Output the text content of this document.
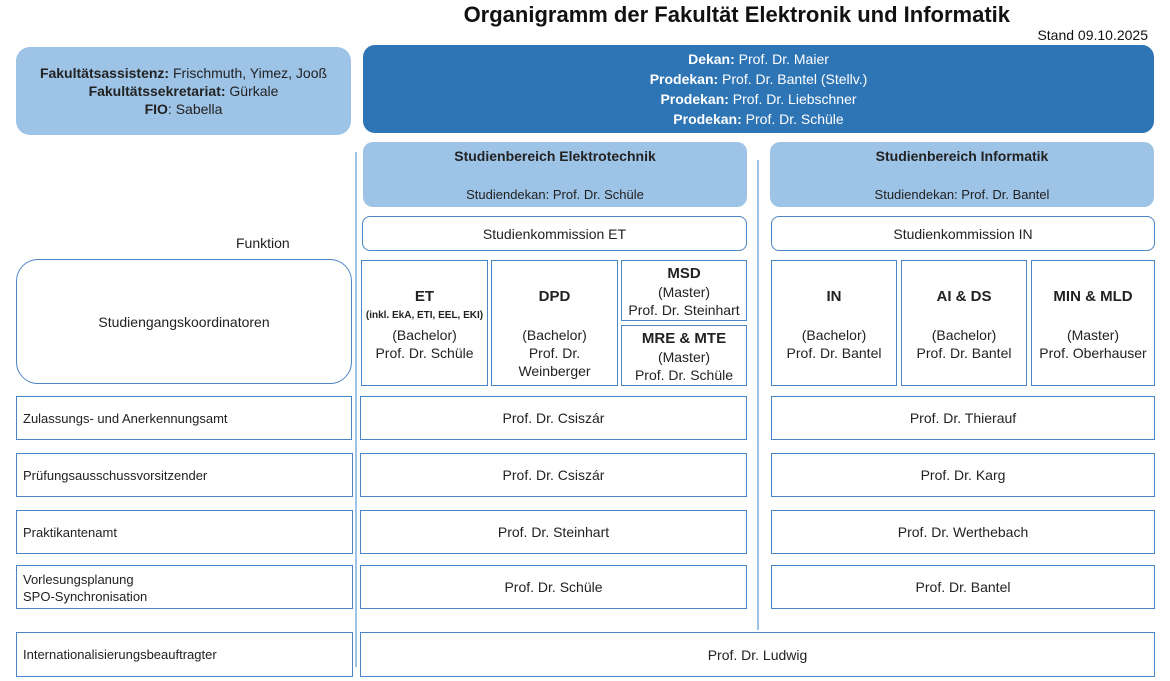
Organigramm der Fakultät Elektronik und Informatik
Stand 09.10.2025
Fakultätsassistenz: Frischmuth, Yimez, Jooß
Fakultätssekretariat: Gürkale
FIO: Sabella
Dekan: Prof. Dr. Maier
Prodekan: Prof. Dr. Bantel (Stellv.)
Prodekan: Prof. Dr. Liebschner
Prodekan: Prof. Dr. Schüle
Studienbereich Elektrotechnik
Studiendekan: Prof. Dr. Schüle
Studienbereich Informatik
Studiendekan: Prof. Dr. Bantel
Studienkommission ET	Studienkommission IN
Funktion
Studiengangskoordinatoren
ET
(inkl. EkA, ETI, EEL, EKI)
(Bachelor)
Prof. Dr. Schüle
DPD
(Bachelor)
Prof. Dr. Weinberger
MSD
(Master)
Prof. Dr. Steinhart
MRE & MTE
(Master)
Prof. Dr. Schüle
IN
(Bachelor)
Prof. Dr. Bantel
AI & DS
(Bachelor)
Prof. Dr. Bantel
MIN & MLD
(Master)
Prof. Oberhauser
Zulassungs- und Anerkennungsamt	Prof. Dr. Csiszár	Prof. Dr. Thierauf
Prüfungsausschussvorsitzender	Prof. Dr. Csiszár	Prof. Dr. Karg
Praktikantenamt	Prof. Dr. Steinhart	Prof. Dr. Werthebach
Vorlesungsplanung
SPO-Synchronisation
Prof. Dr. Schüle	Prof. Dr. Bantel
Internationalisierungsbeauftragter	Prof. Dr. Ludwig
